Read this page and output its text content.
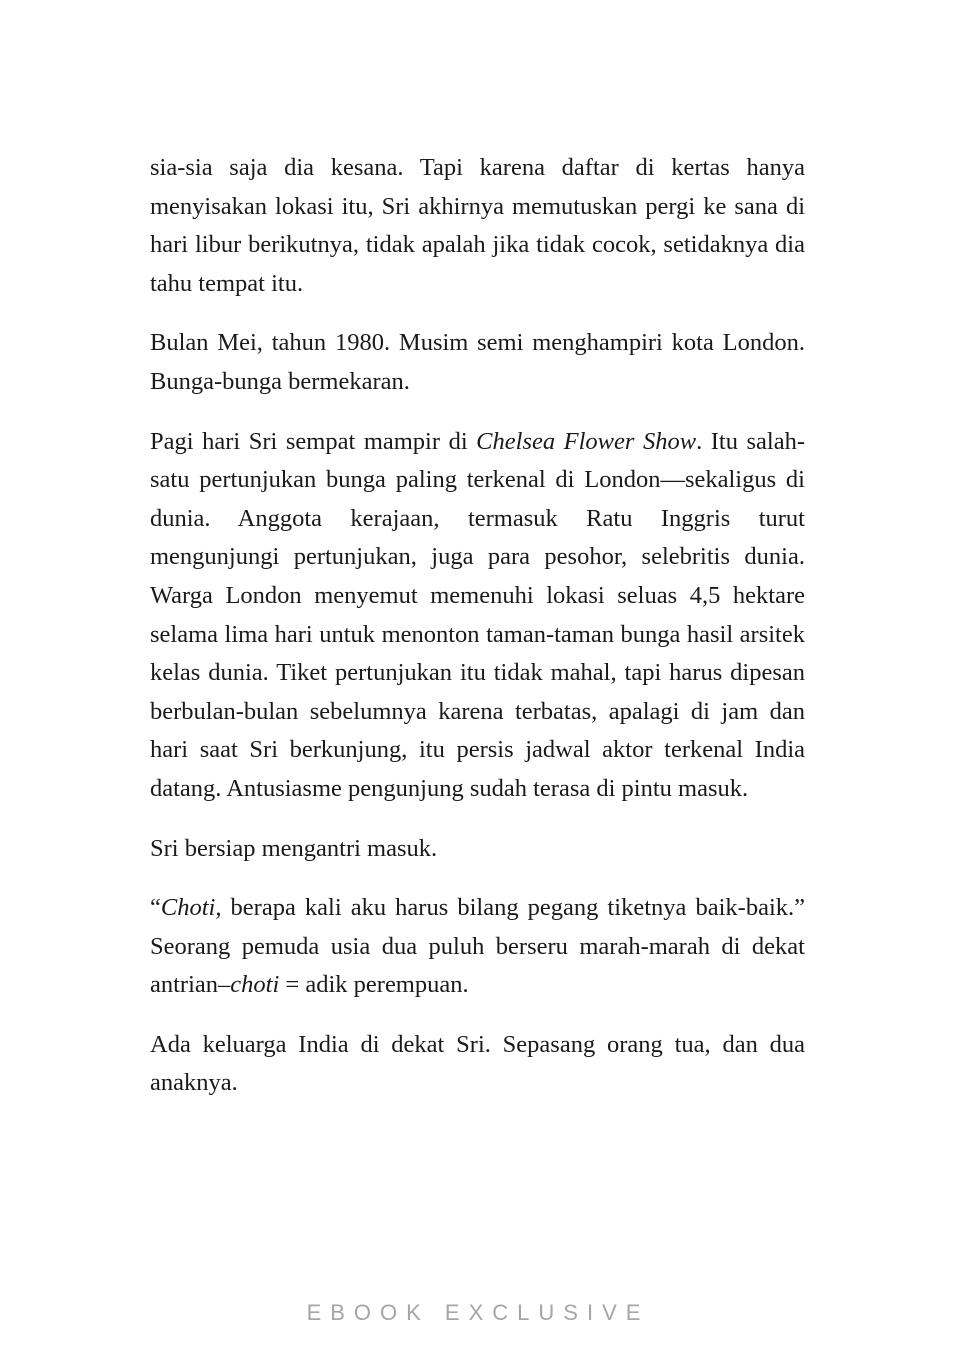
sia-sia saja dia kesana. Tapi karena daftar di kertas hanya menyisakan lokasi itu, Sri akhirnya memutuskan pergi ke sana di hari libur berikutnya, tidak apalah jika tidak cocok, setidaknya dia tahu tempat itu.

Bulan Mei, tahun 1980. Musim semi menghampiri kota London. Bunga-bunga bermekaran.

Pagi hari Sri sempat mampir di Chelsea Flower Show. Itu salah-satu pertunjukan bunga paling terkenal di London—sekaligus di dunia. Anggota kerajaan, termasuk Ratu Inggris turut mengunjungi pertunjukan, juga para pesohor, selebritis dunia. Warga London menyemut memenuhi lokasi seluas 4,5 hektare selama lima hari untuk menonton taman-taman bunga hasil arsitek kelas dunia. Tiket pertunjukan itu tidak mahal, tapi harus dipesan berbulan-bulan sebelumnya karena terbatas, apalagi di jam dan hari saat Sri berkunjung, itu persis jadwal aktor terkenal India datang. Antusiasme pengunjung sudah terasa di pintu masuk.

Sri bersiap mengantri masuk.

“Choti, berapa kali aku harus bilang pegang tiketnya baik-baik.” Seorang pemuda usia dua puluh berseru marah-marah di dekat antrian–choti = adik perempuan.

Ada keluarga India di dekat Sri. Sepasang orang tua, dan dua anaknya.

EBOOK EXCLUSIVE
